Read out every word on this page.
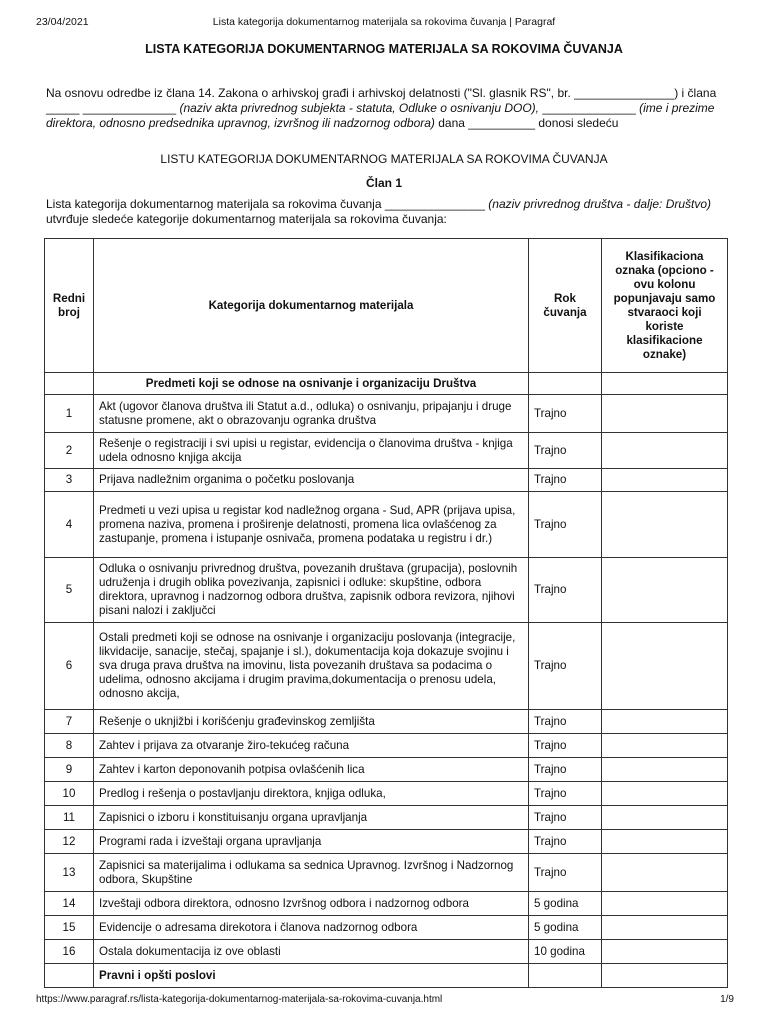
23/04/2021	Lista kategorija dokumentarnog materijala sa rokovima čuvanja | Paragraf
LISTA KATEGORIJA DOKUMENTARNOG MATERIJALA SA ROKOVIMA ČUVANJA
Na osnovu odredbe iz člana 14. Zakona o arhivskoj građi i arhivskoj delatnosti ("Sl. glasnik RS", br. _______________) i člana _____ ______________ (naziv akta privrednog subjekta - statuta, Odluke o osnivanju DOO), ______________ (ime i prezime direktora, odnosno predsednika upravnog, izvršnog ili nadzornog odbora) dana __________ donosi sledeću
LISTU KATEGORIJA DOKUMENTARNOG MATERIJALA SA ROKOVIMA ČUVANJA
Član 1
Lista kategorija dokumentarnog materijala sa rokovima čuvanja _______________ (naziv privrednog društva - dalje: Društvo) utvrđuje sledeće kategorije dokumentarnog materijala sa rokovima čuvanja:
Redni broj	Kategorija dokumentarnog materijala	Rok čuvanja	Klasifikaciona oznaka (opciono - ovu kolonu popunjavaju samo stvaraoci koji koriste klasifikacione oznake)
	Predmeti koji se odnose na osnivanje i organizaciju Društva		
1	Akt (ugovor članova društva ili Statut a.d., odluka) o osnivanju, pripajanju i druge statusne promene, akt o obrazovanju ogranka društva	Trajno	
2	Rešenje o registraciji i svi upisi u registar, evidencija o članovima društva - knjiga udela odnosno knjiga akcija	Trajno	
3	Prijava nadležnim organima o početku poslovanja	Trajno	
4	Predmeti u vezi upisa u registar kod nadležnog organa - Sud, APR (prijava upisa, promena naziva, promena i proširenje delatnosti, promena lica ovlašćenog za zastupanje, promena i istupanje osnivača, promena podataka u registru i dr.)	Trajno	
5	Odluka o osnivanju privrednog društva, povezanih društava (grupacija), poslovnih udruženja i drugih oblika povezivanja, zapisnici i odluke: skupštine, odbora direktora, upravnog i nadzornog odbora društva, zapisnik odbora revizora, njihovi pisani nalozi i zaključci	Trajno	
6	Ostali predmeti koji se odnose na osnivanje i organizaciju poslovanja (integracije, likvidacije, sanacije, stečaj, spajanje i sl.), dokumentacija koja dokazuje svojinu i sva druga prava društva na imovinu, lista povezanih društava sa podacima o udelima, odnosno akcijama i drugim pravima,dokumentacija o prenosu udela, odnosno akcija,	Trajno	
7	Rešenje o uknjižbi i korišćenju građevinskog zemljišta	Trajno	
8	Zahtev i prijava za otvaranje žiro-tekućeg računa	Trajno	
9	Zahtev i karton deponovanih potpisa ovlašćenih lica	Trajno	
10	Predlog i rešenja o postavljanju direktora, knjiga odluka,	Trajno	
11	Zapisnici o izboru i konstituisanju organa upravljanja	Trajno	
12	Programi rada i izveštaji organa upravljanja	Trajno	
13	Zapisnici sa materijalima i odlukama sa sednica Upravnog. Izvršnog i Nadzornog odbora, Skupštine	Trajno	
14	Izveštaji odbora direktora, odnosno Izvršnog odbora i nadzornog odbora	5 godina	
15	Evidencije o adresama direkotora i članova nadzornog odbora	5 godina	
16	Ostala dokumentacija iz ove oblasti	10 godina	
	Pravni i opšti poslovi		
https://www.paragraf.rs/lista-kategorija-dokumentarnog-materijala-sa-rokovima-cuvanja.html	1/9
